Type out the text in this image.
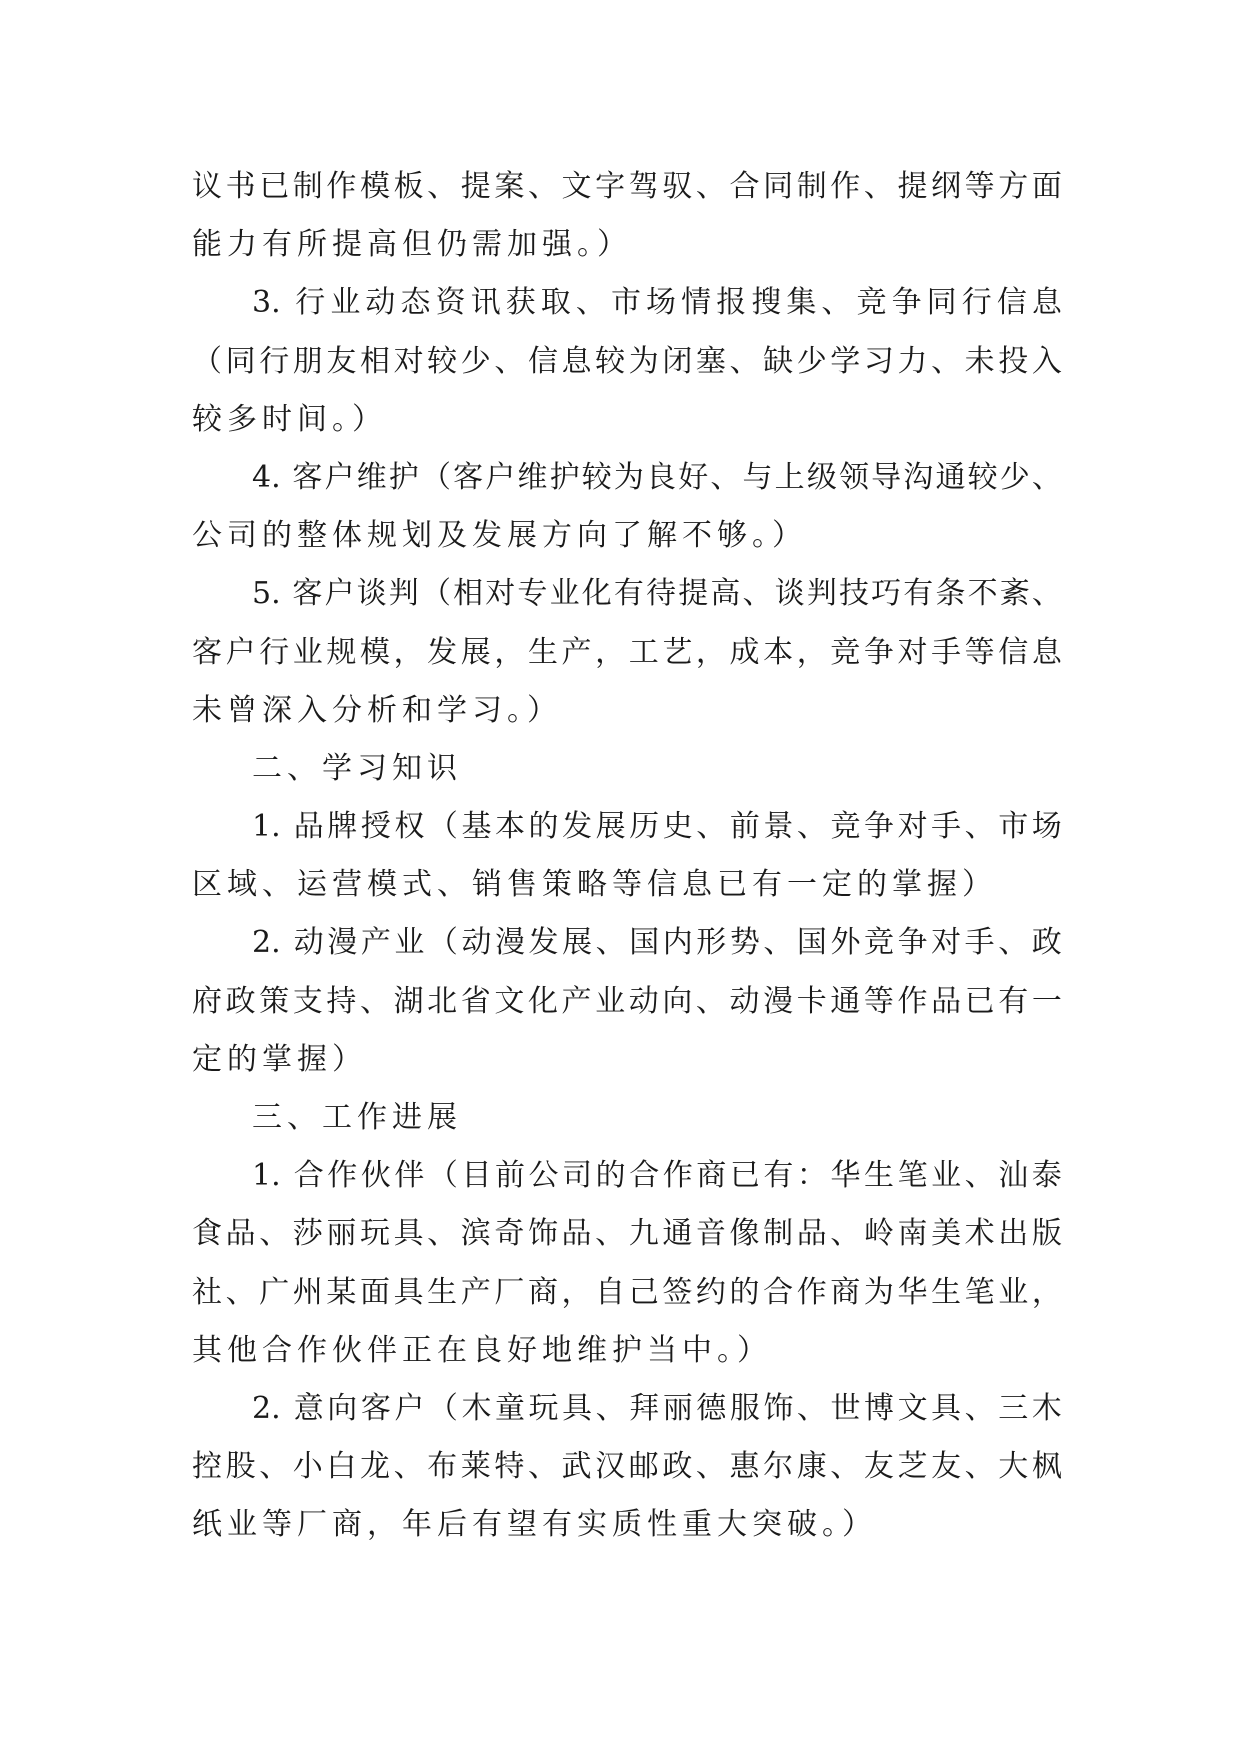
议 书 已 制 作 模 板 、 提 案 、 文 字 驾 驭 、 合 同 制 作 、 提 纲 等 方 面
能力有所提高但仍需加强。）
3. 行 业 动 态 资 讯 获 取 、 市 场 情 报 搜 集 、 竞 争 同 行 信 息
（ 同 行 朋 友 相 对 较 少 、 信 息 较 为 闭 塞 、 缺 少 学 习 力 、 未 投 入
较多时间。）
4. 客 户 维 护 （ 客 户 维 护 较 为 良 好 、 与 上 级 领 导 沟 通 较 少 、
公司的整体规划及发展方向了解不够。）
5. 客 户 谈 判 （ 相 对 专 业 化 有 待 提 高 、 谈 判 技 巧 有 条 不 紊 、
客 户 行 业 规 模 ， 发 展 ， 生 产 ， 工 艺 ， 成 本 ， 竞 争 对 手 等 信 息
未曾深入分析和学习。）
二、学习知识
1. 品 牌 授 权 （ 基 本 的 发 展 历 史 、 前 景 、 竞 争 对 手 、 市 场
区域、运营模式、销售策略等信息已有一定的掌握）
2. 动 漫 产 业 （ 动 漫 发 展 、 国 内 形 势 、 国 外 竞 争 对 手 、 政
府 政 策 支 持 、 湖 北 省 文 化 产 业 动 向 、 动 漫 卡 通 等 作 品 已 有 一
定的掌握）
三、工作进展
1. 合 作 伙 伴 （ 目 前 公 司 的 合 作 商 已 有 ： 华 生 笔 业 、 汕 泰
食 品 、 莎 丽 玩 具 、 滨 奇 饰 品 、 九 通 音 像 制 品 、 岭 南 美 术 出 版
社 、 广 州 某 面 具 生 产 厂 商 ， 自 己 签 约 的 合 作 商 为 华 生 笔 业 ，
其他合作伙伴正在良好地维护当中。）
2. 意 向 客 户 （ 木 童 玩 具 、 拜 丽 德 服 饰 、 世 博 文 具 、 三 木
控 股 、 小 白 龙 、 布 莱 特 、 武 汉 邮 政 、 惠 尔 康 、 友 芝 友 、 大 枫
纸业等厂商，年后有望有实质性重大突破。）
